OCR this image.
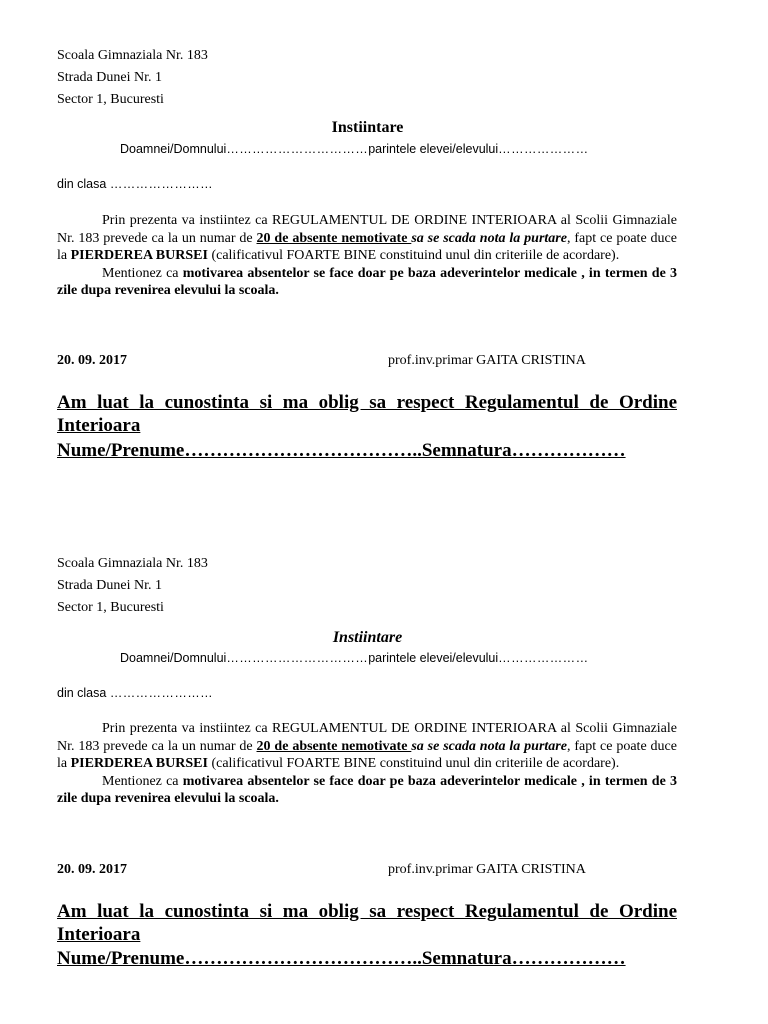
Scoala Gimnaziala Nr. 183
Strada Dunei Nr. 1
Sector 1, Bucuresti
Instiintare
Doamnei/Domnului……………………………parintele elevei/elevului…………………
din clasa ……………………

Prin prezenta va instiintez ca REGULAMENTUL DE ORDINE INTERIOARA al Scolii Gimnaziale Nr. 183 prevede ca la un numar de 20 de absente nemotivate sa se scada nota la purtare, fapt ce poate duce la PIERDEREA BURSEI (calificativul FOARTE BINE constituind unul din criteriile de acordare).

Mentionez ca motivarea absentelor se face doar pe baza adeverintelor medicale , in termen de 3 zile dupa revenirea elevului la scoala.

20. 09. 2017	prof.inv.primar GAITA CRISTINA
Am luat la cunostinta si ma oblig sa respect Regulamentul de Ordine Interioara
Nume/Prenume………………………………..Semnatura………………
Scoala Gimnaziala Nr. 183
Strada Dunei Nr. 1
Sector 1, Bucuresti
Instiintare
Doamnei/Domnului……………………………parintele elevei/elevului…………………
din clasa ……………………

Prin prezenta va instiintez ca REGULAMENTUL DE ORDINE INTERIOARA al Scolii Gimnaziale Nr. 183 prevede ca la un numar de 20 de absente nemotivate sa se scada nota la purtare, fapt ce poate duce la PIERDEREA BURSEI (calificativul FOARTE BINE constituind unul din criteriile de acordare).

Mentionez ca motivarea absentelor se face doar pe baza adeverintelor medicale , in termen de 3 zile dupa revenirea elevului la scoala.

20. 09. 2017	prof.inv.primar GAITA CRISTINA
Am luat la cunostinta si ma oblig sa respect Regulamentul de Ordine Interioara
Nume/Prenume………………………………..Semnatura………………
